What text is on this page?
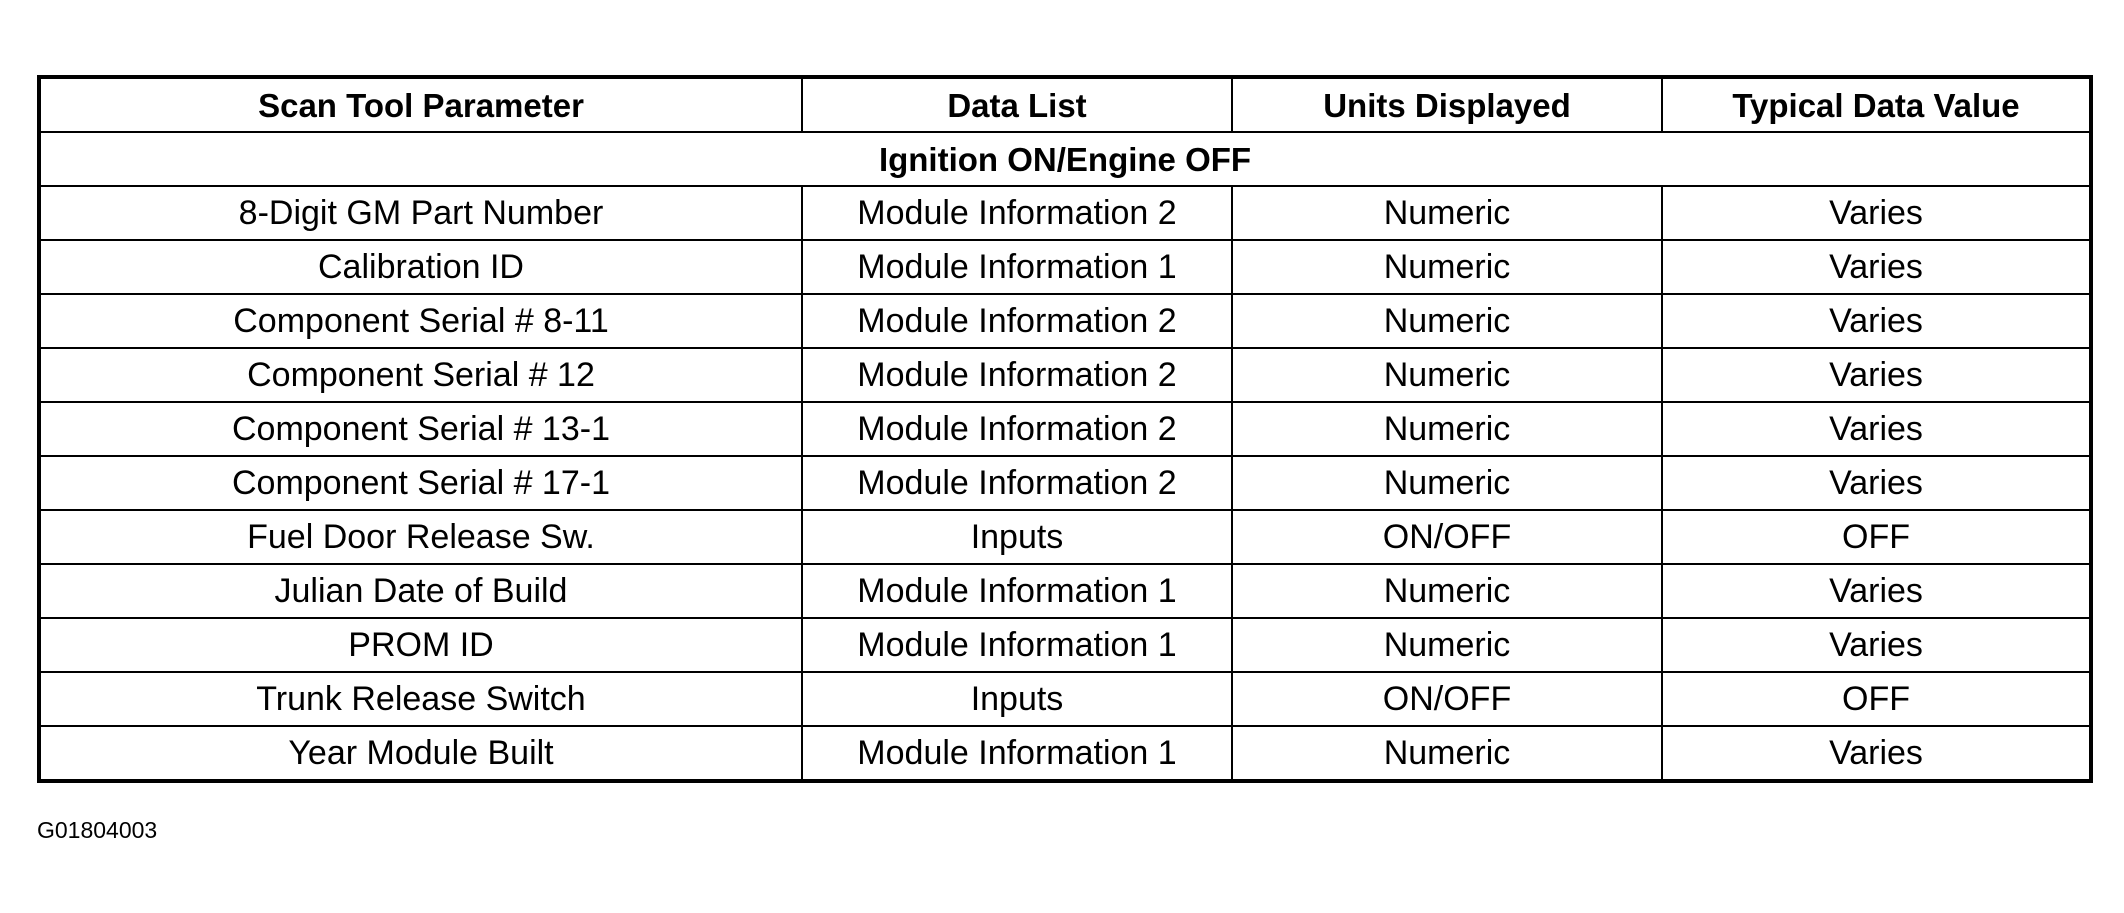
Scan Tool Parameter	Data List	Units Displayed	Typical Data Value
Ignition ON/Engine OFF			
8-Digit GM Part Number	Module Information 2	Numeric	Varies
Calibration ID	Module Information 1	Numeric	Varies
Component Serial # 8-11	Module Information 2	Numeric	Varies
Component Serial # 12	Module Information 2	Numeric	Varies
Component Serial # 13-1	Module Information 2	Numeric	Varies
Component Serial # 17-1	Module Information 2	Numeric	Varies
Fuel Door Release Sw.	Inputs	ON/OFF	OFF
Julian Date of Build	Module Information 1	Numeric	Varies
PROM ID	Module Information 1	Numeric	Varies
Trunk Release Switch	Inputs	ON/OFF	OFF
Year Module Built	Module Information 1	Numeric	Varies
G01804003
